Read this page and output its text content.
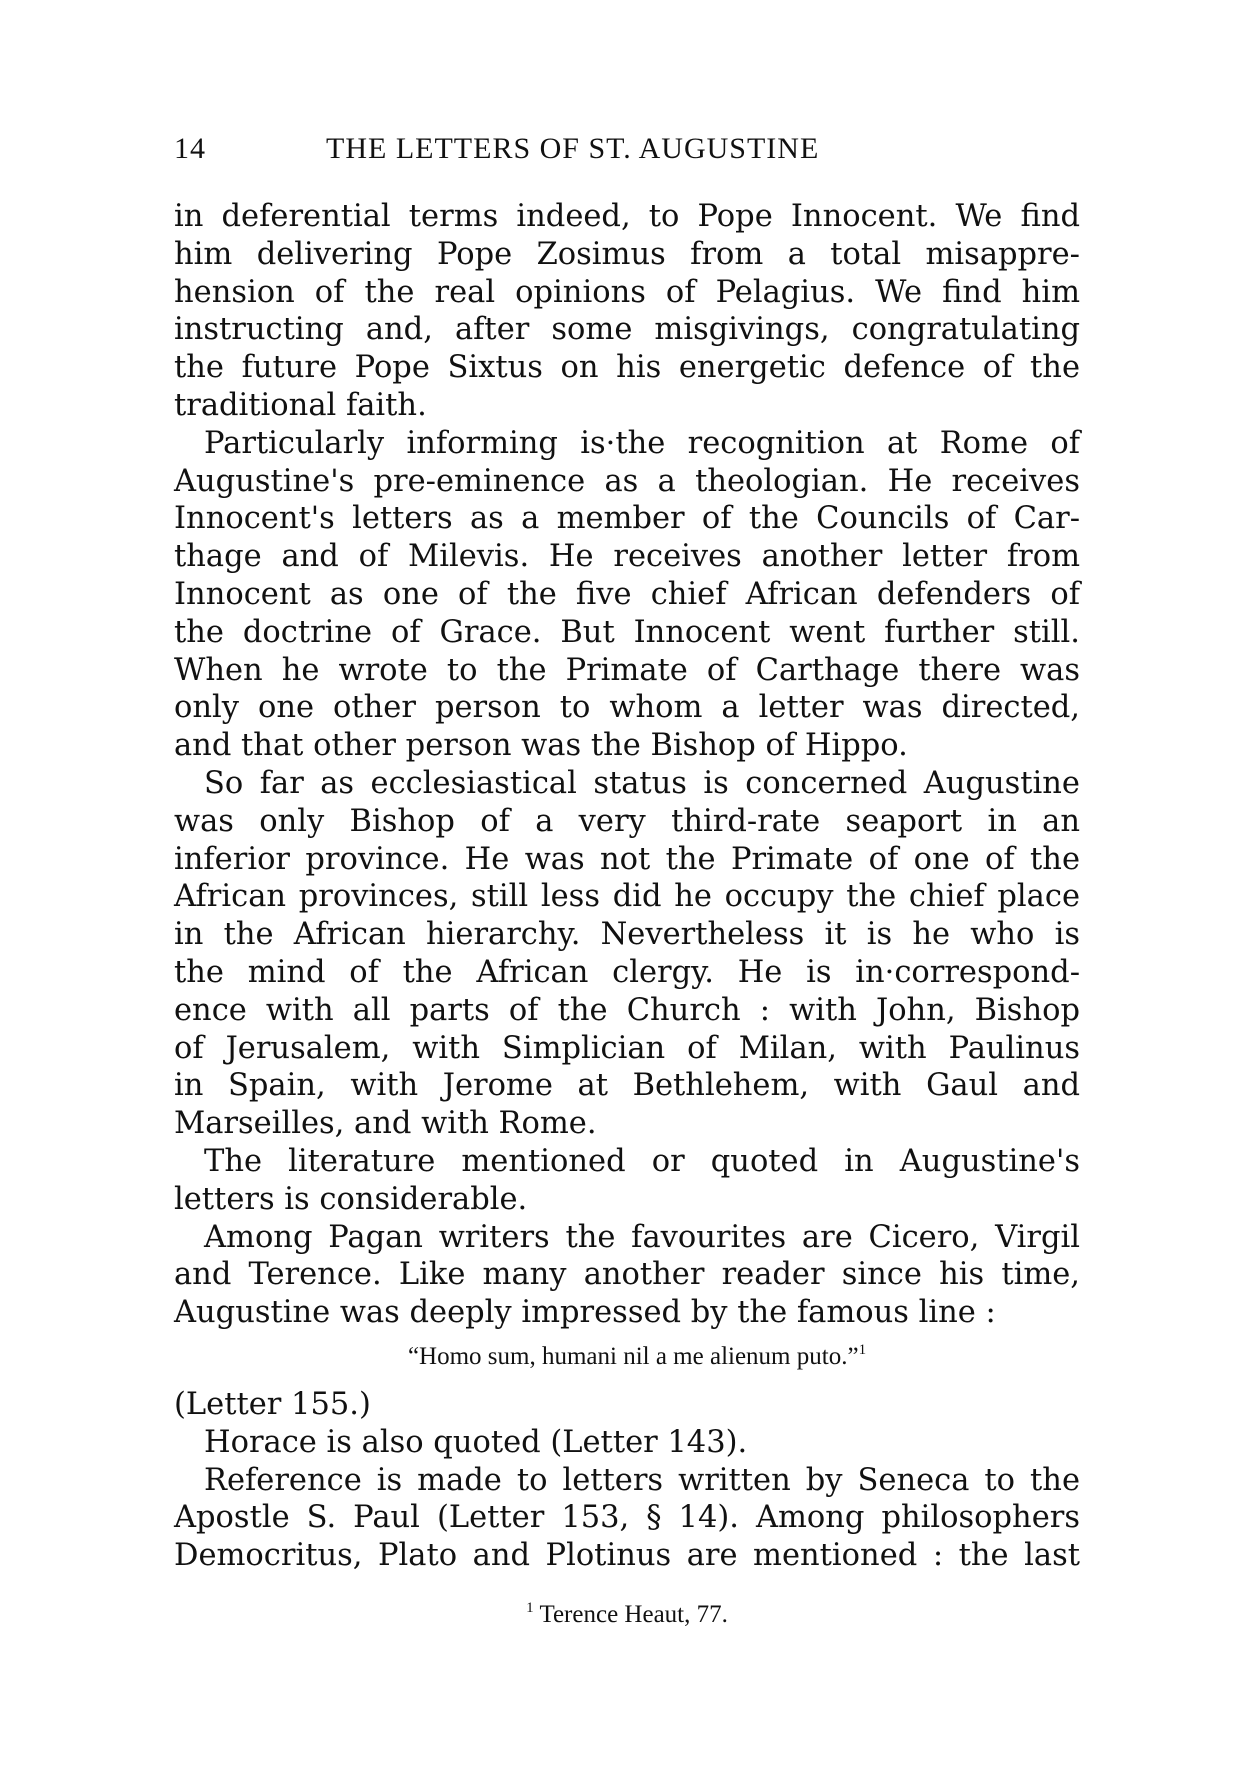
14	THE LETTERS OF ST. AUGUSTINE
in deferential terms indeed, to Pope Innocent. We find
him delivering Pope Zosimus from a total misappre-
hension of the real opinions of Pelagius. We find him
instructing and, after some misgivings, congratulating
the future Pope Sixtus on his energetic defence of the
traditional faith.
Particularly informing is·the recognition at Rome of
Augustine's pre-eminence as a theologian. He receives
Innocent's letters as a member of the Councils of Car-
thage and of Milevis. He receives another letter from
Innocent as one of the five chief African defenders of
the doctrine of Grace. But Innocent went further still.
When he wrote to the Primate of Carthage there was
only one other person to whom a letter was directed,
and that other person was the Bishop of Hippo.
So far as ecclesiastical status is concerned Augustine
was only Bishop of a very third-rate seaport in an
inferior province. He was not the Primate of one of the
African provinces, still less did he occupy the chief place
in the African hierarchy. Nevertheless it is he who is
the mind of the African clergy. He is in·correspond-
ence with all parts of the Church : with John, Bishop
of Jerusalem, with Simplician of Milan, with Paulinus
in Spain, with Jerome at Bethlehem, with Gaul and
Marseilles, and with Rome.
The literature mentioned or quoted in Augustine's
letters is considerable.
Among Pagan writers the favourites are Cicero, Virgil
and Terence. Like many another reader since his time,
Augustine was deeply impressed by the famous line :
“Homo sum, humani nil a me alienum puto.”$^1$
(Letter 155.)
Horace is also quoted (Letter 143).
Reference is made to letters written by Seneca to the
Apostle S. Paul (Letter 153, § 14). Among philosophers
Democritus, Plato and Plotinus are mentioned : the last
$^1$ Terence Heaut, 77.
